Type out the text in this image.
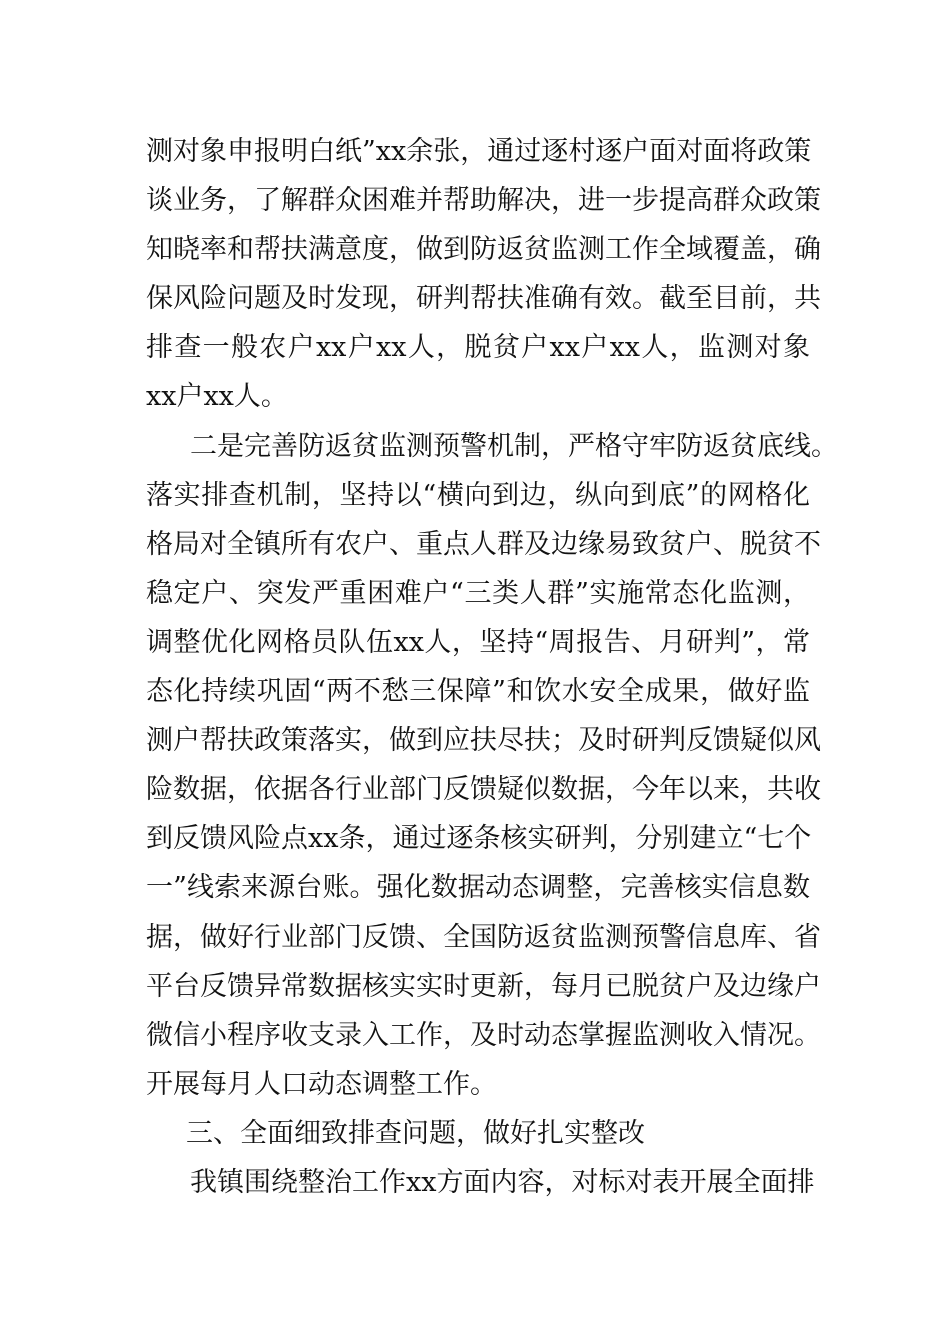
测对象申报明白纸”xx余张，通过逐村逐户面对面将政策
谈业务，了解群众困难并帮助解决，进一步提高群众政策
知晓率和帮扶满意度，做到防返贫监测工作全域覆盖，确
保风险问题及时发现，研判帮扶准确有效。截至目前，共
排查一般农户xx户xx人，脱贫户xx户xx人，监测对象
xx户xx人。
二是完善防返贫监测预警机制，严格守牢防返贫底线。
落实排查机制，坚持以“横向到边，纵向到底”的网格化
格局对全镇所有农户、重点人群及边缘易致贫户、脱贫不
稳定户、突发严重困难户“三类人群”实施常态化监测，
调整优化网格员队伍xx人，坚持“周报告、月研判”，常
态化持续巩固“两不愁三保障”和饮水安全成果，做好监
测户帮扶政策落实，做到应扶尽扶；及时研判反馈疑似风
险数据，依据各行业部门反馈疑似数据，今年以来，共收
到反馈风险点xx条，通过逐条核实研判，分别建立“七个
一”线索来源台账。强化数据动态调整，完善核实信息数
据，做好行业部门反馈、全国防返贫监测预警信息库、省
平台反馈异常数据核实实时更新，每月已脱贫户及边缘户
微信小程序收支录入工作，及时动态掌握监测收入情况。
开展每月人口动态调整工作。
三、全面细致排查问题，做好扎实整改
我镇围绕整治工作xx方面内容，对标对表开展全面排
